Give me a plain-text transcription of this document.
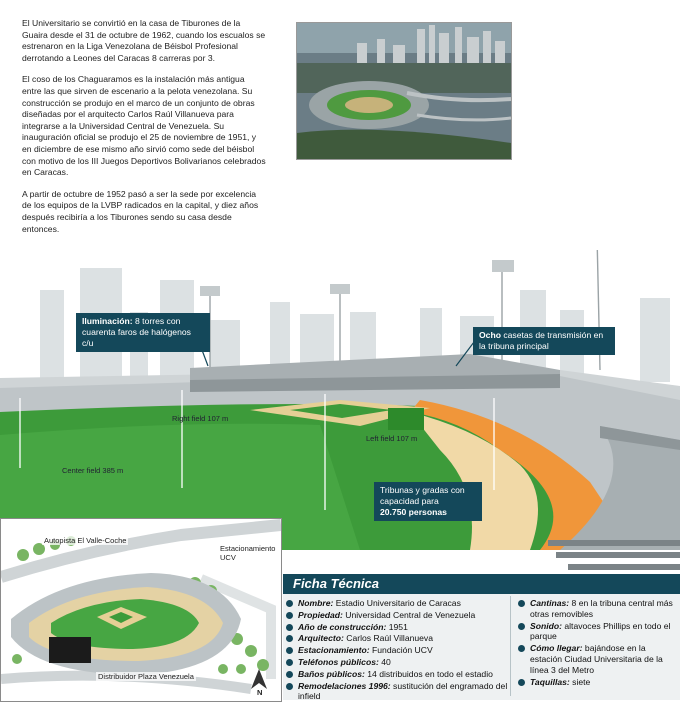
El Universitario se convirtió en la casa de Tiburones de la Guaira desde el 31 de octubre de 1962, cuando los escualos se estrenaron en la Liga Venezolana de Béisbol Profesional derrotando a Leones del Caracas 8 carreras por 3.

El coso de los Chaguaramos es la instalación más antigua entre las que sirven de escenario a la pelota venezolana. Su construcción se produjo en el marco de un conjunto de obras diseñadas por el arquitecto Carlos Raúl Villanueva para integrarse a la Universidad Central de Venezuela. Su inauguración oficial se produjo el 25 de noviembre de 1951, y en diciembre de ese mismo año sirvió como sede del béisbol con motivo de los III Juegos Deportivos Bolivarianos celebrados en Caracas.

A partir de octubre de 1952 pasó a ser la sede por excelencia de los equipos de la LVBP radicados en la capital, y diez años después recibiría a los Tiburones sendo su casa desde entonces.

Right field 107 m
Left field 107 m
Center field 385 m
Iluminación: 8 torres con cuarenta faros de halógenos c/u
Ocho casetas de transmisión en la tribuna principal
Tribunas y gradas con capacidad para
20.750 personas
Autopista El Valle-Coche
Estacionamiento
UCV
Distribuidor Plaza Venezuela
N
Ficha Técnica
Nombre: Estadio Universitario de Caracas
Propiedad: Universidad Central de Venezuela
Año de construcción: 1951
Arquitecto: Carlos Raúl Villanueva
Estacionamiento: Fundación UCV
Teléfonos públicos: 40
Baños públicos: 14 distribuidos en todo el estadio
Remodelaciones 1996: sustitución del engramado del infield
Cantinas: 8 en la tribuna central más otras removibles
Sonido: altavoces Phillips en todo el parque
Cómo llegar: bajándose en la estación Ciudad Universitaria de la línea 3 del Metro
Taquillas: siete
